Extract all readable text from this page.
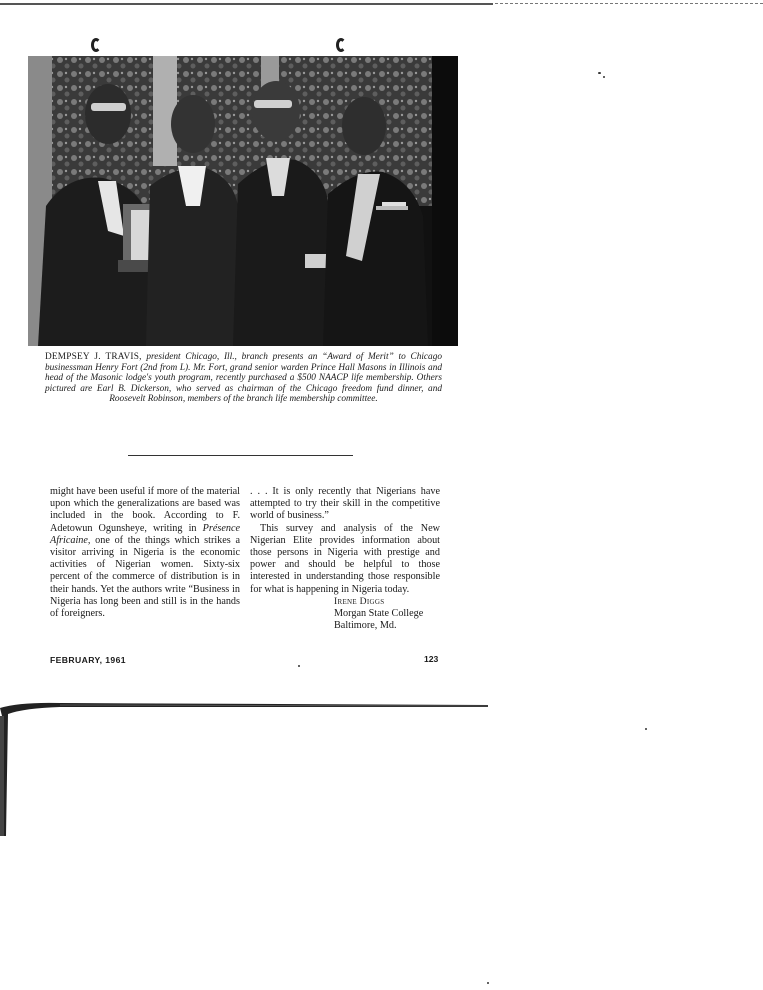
DEMPSEY J. TRAVIS, president Chicago, Ill., branch presents an “Award of Merit” to Chicago businessman Henry Fort (2nd from L). Mr. Fort, grand senior warden Prince Hall Masons in Illinois and head of the Masonic lodge's youth program, recently purchased a $500 NAACP life membership. Others pictured are Earl B. Dickerson, who served as chairman of the Chicago freedom fund dinner, and Roosevelt Robinson, members of the branch life membership committee.

might have been useful if more of the material upon which the generalizations are based was included in the book. According to F. Adetowun Ogunsheye, writing in Présence Africaine, one of the things which strikes a visitor arriving in Nigeria is the economic activities of Nigerian women. Sixty-six percent of the commerce of distribution is in their hands. Yet the authors write “Business in Nigeria has long been and still is in the hands of foreigners.

. . . It is only recently that Nigerians have attempted to try their skill in the competitive world of business.”

This survey and analysis of the New Nigerian Elite provides information about those persons in Nigeria with prestige and power and should be helpful to those interested in understanding those responsible for what is happening in Nigeria today.

Irene Diggs
Morgan State College
Baltimore, Md.

FEBRUARY, 1961	123
